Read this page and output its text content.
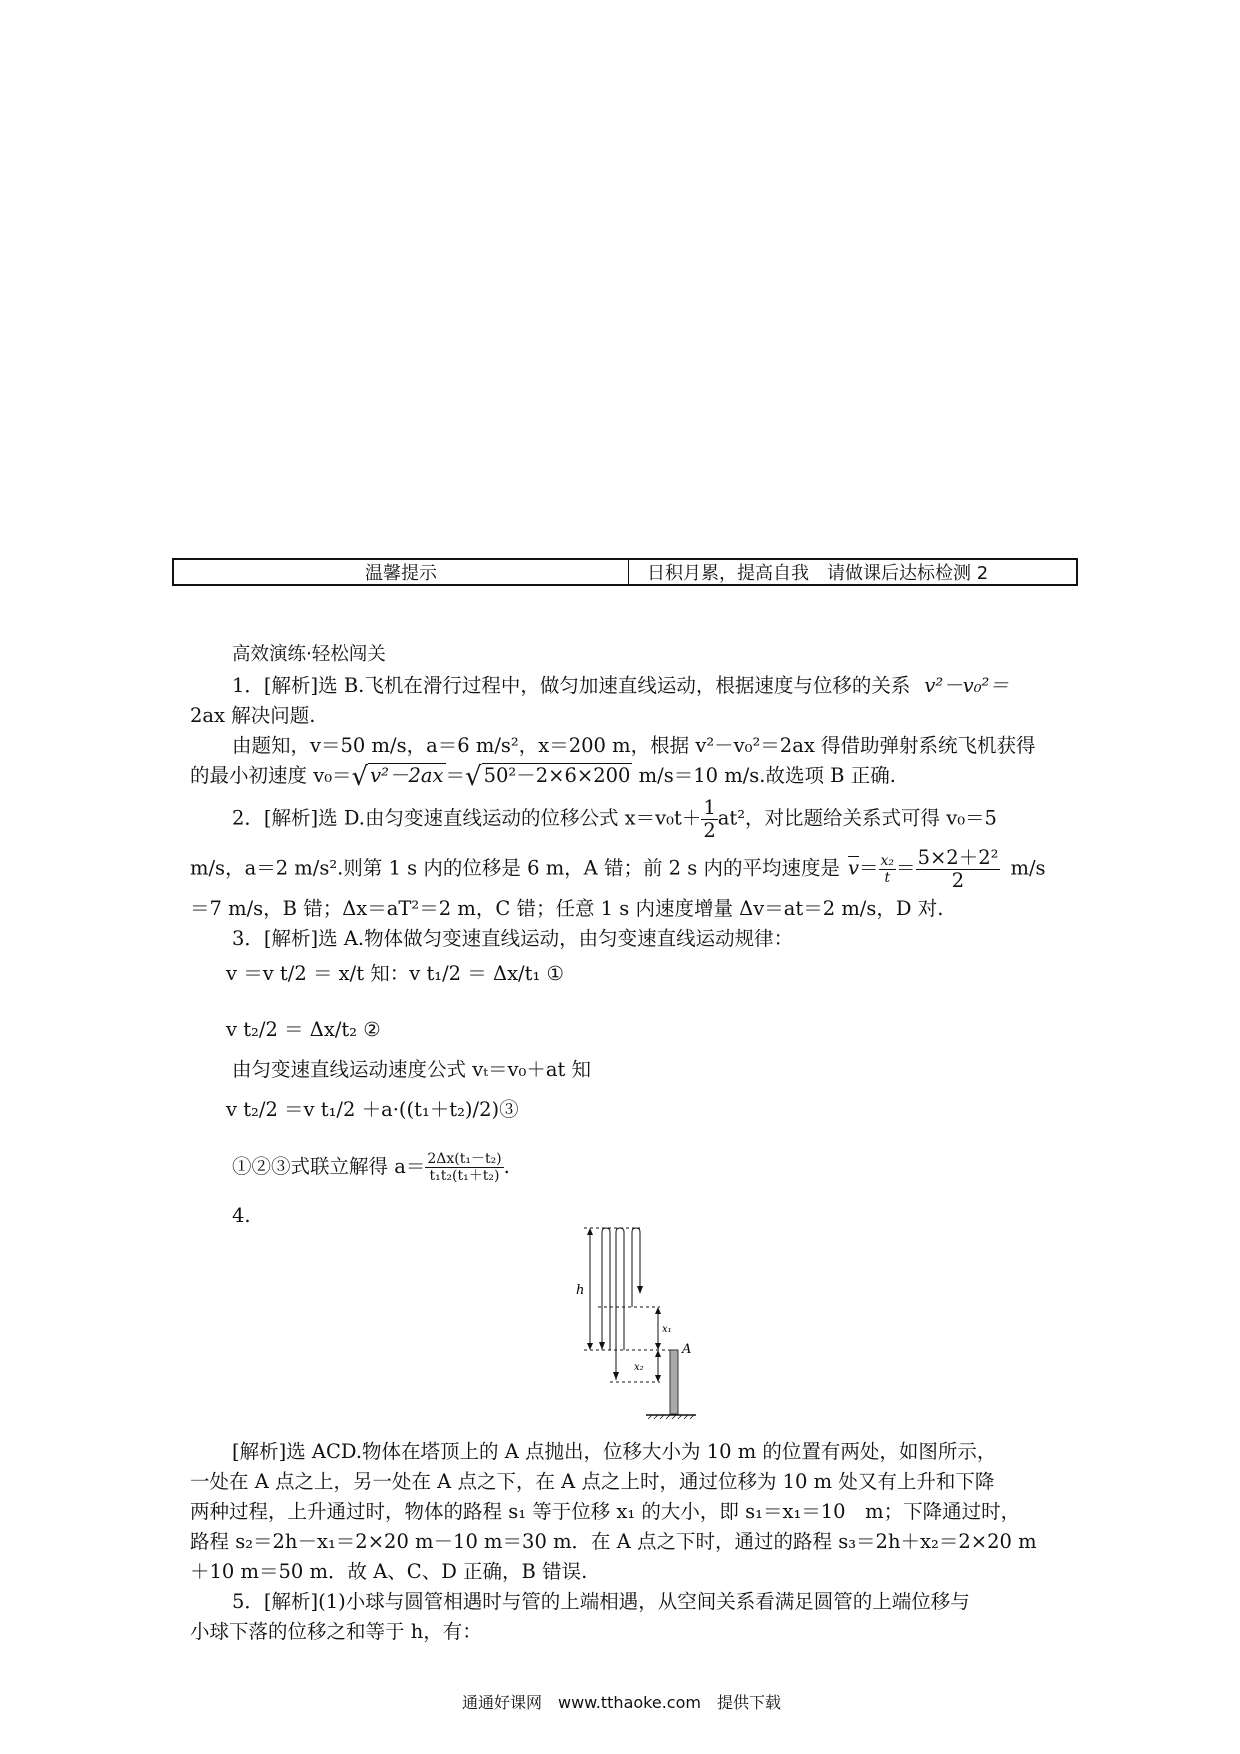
温馨提示	日积月累，提高自我　请做课后达标检测 2
高效演练·轻松闯关
1．[解析]选 B.飞机在滑行过程中，做匀加速直线运动，根据速度与位移的关系 v²－v₀²＝
2ax 解决问题.
由题知，v＝50 m/s，a＝6 m/s²，x＝200 m，根据 v²－v₀²＝2ax 得借助弹射系统飞机获得
的最小初速度 v₀＝√ v²－2ax ＝√ 50²－2×6×200 m/s＝10 m/s.故选项 B 正确.
2．[解析]选 D.由匀变速直线运动的位移公式 $x=v_0t+ \frac{1}{2} at^2$，对比题给关系式可得 v₀＝5
m/s，a＝2 m/s².则第 1 s 内的位移是 6 m，A 错；前 2 s 内的平均速度是 $\overline{v}= \frac{\text{x₂}}{t} = \frac{\text{5×2＋2²}}{2} m/s$
＝7 m/s，B 错；Δx＝aT²＝2 m，C 错；任意 1 s 内速度增量 Δv＝at＝2 m/s，D 对.
3．[解析]选 A.物体做匀变速直线运动，由匀变速直线运动规律：
v ＝v t/2 ＝ x/t 知：v t₁/2 ＝ Δx/t₁ ①
v t₂/2 ＝ Δx/t₂ ②
由匀变速直线运动速度公式 vₜ＝v₀＋at 知
v t₂/2 ＝v t₁/2 ＋a·((t₁＋t₂)/2)③
①②③式联立解得 $a= \frac{\text{2Δx(t₁－t₂)}}{\text{t₁t₂(t₁＋t₂)}}$ .
4.
h
x₁
x₂
A
[解析]选 ACD.物体在塔顶上的 A 点抛出，位移大小为 10 m 的位置有两处，如图所示，
一处在 A 点之上，另一处在 A 点之下，在 A 点之上时，通过位移为 10 m 处又有上升和下降
两种过程，上升通过时，物体的路程 s₁ 等于位移 x₁ 的大小，即 s₁＝x₁＝10　m；下降通过时，
路程 s₂＝2h－x₁＝2×20 m－10 m＝30 m．在 A 点之下时，通过的路程 s₃＝2h＋x₂＝2×20 m
＋10 m＝50 m．故 A、C、D 正确，B 错误.
5．[解析](1)小球与圆管相遇时与管的上端相遇，从空间关系看满足圆管的上端位移与
小球下落的位移之和等于 h，有：
通通好课网　www.tthaoke.com　提供下载
